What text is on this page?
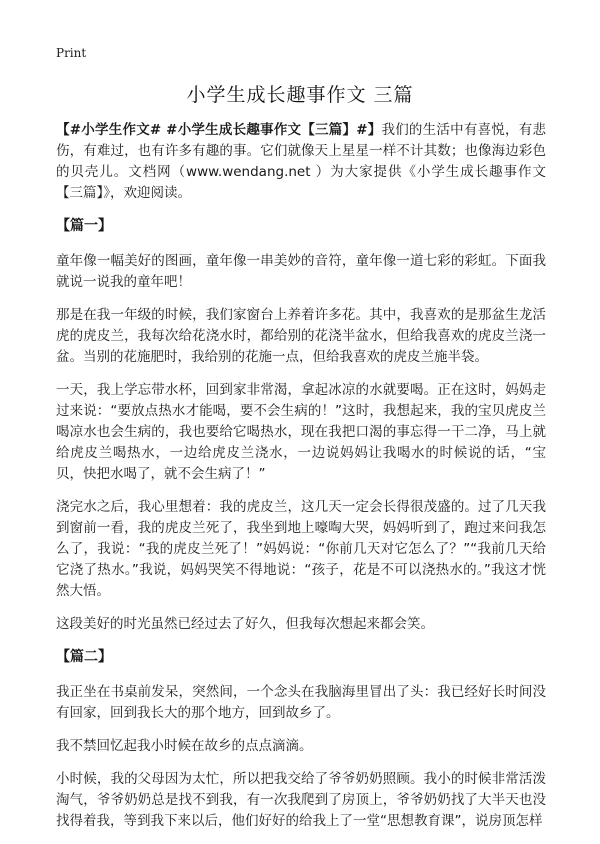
Print
小学生成长趣事作文 三篇

【#小学生作文# #小学生成长趣事作文【三篇】#】我们的生活中有喜悦，有悲伤，有难过，也有许多有趣的事。它们就像天上星星一样不计其数；也像海边彩色的贝壳儿。文档网（www.wendang.net ）为大家提供《小学生成长趣事作文【三篇】》，欢迎阅读。

【篇一】

童年像一幅美好的图画，童年像一串美妙的音符，童年像一道七彩的彩虹。下面我就说一说我的童年吧！

那是在我一年级的时候，我们家窗台上养着许多花。其中，我喜欢的是那盆生龙活虎的虎皮兰，我每次给花浇水时，都给别的花浇半盆水，但给我喜欢的虎皮兰浇一盆。当别的花施肥时，我给别的花施一点，但给我喜欢的虎皮兰施半袋。

一天，我上学忘带水杯，回到家非常渴，拿起冰凉的水就要喝。正在这时，妈妈走过来说：“要放点热水才能喝，要不会生病的！”这时，我想起来，我的宝贝虎皮兰喝凉水也会生病的，我也要给它喝热水，现在我把口渴的事忘得一干二净，马上就给虎皮兰喝热水，一边给虎皮兰浇水，一边说妈妈让我喝水的时候说的话，“宝贝，快把水喝了，就不会生病了！”

浇完水之后，我心里想着：我的虎皮兰，这几天一定会长得很茂盛的。过了几天我到窗前一看，我的虎皮兰死了，我坐到地上嚎啕大哭，妈妈听到了，跑过来问我怎么了，我说：“我的虎皮兰死了！”妈妈说：“你前几天对它怎么了？”“我前几天给它浇了热水。”我说，妈妈哭笑不得地说：“孩子，花是不可以浇热水的。”我这才恍然大悟。

这段美好的时光虽然已经过去了好久，但我每次想起来都会笑。

【篇二】

我正坐在书桌前发呆，突然间，一个念头在我脑海里冒出了头：我已经好长时间没有回家，回到我长大的那个地方，回到故乡了。

我不禁回忆起我小时候在故乡的点点滴滴。

小时候，我的父母因为太忙，所以把我交给了爷爷奶奶照顾。我小的时候非常活泼淘气，爷爷奶奶总是找不到我，有一次我爬到了房顶上，爷爷奶奶找了大半天也没找得着我，等到我下来以后，他们好好的给我上了一堂“思想教育课”，说房顶怎样
